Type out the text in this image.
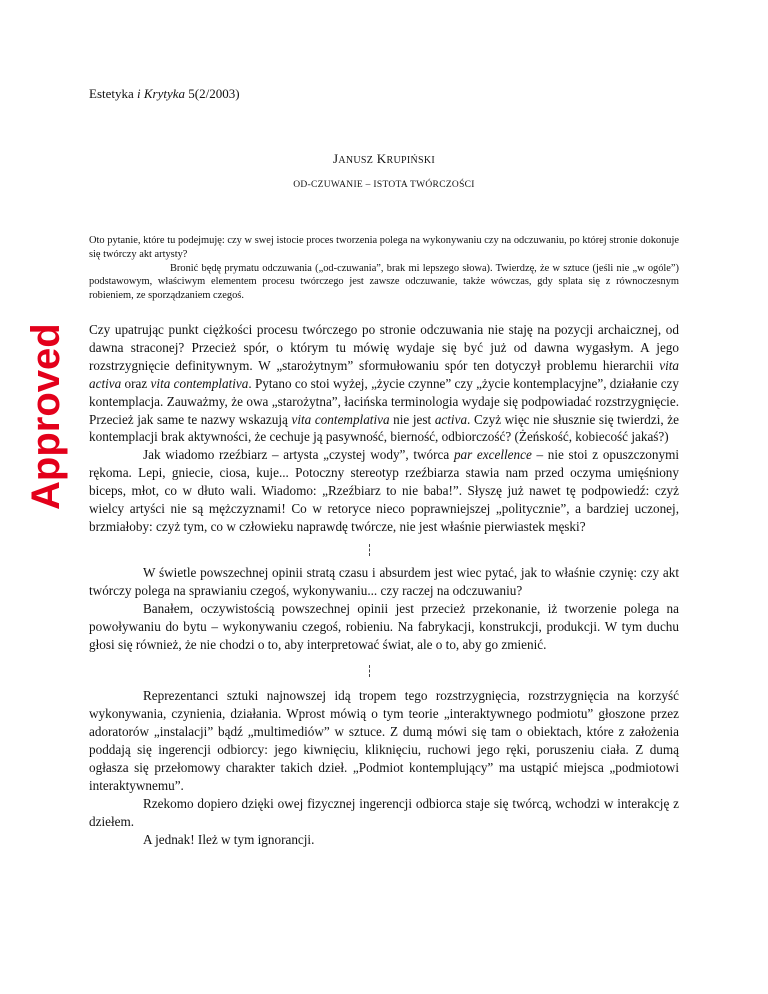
Approved
Estetyka i Krytyka 5(2/2003)
JANUSZ KRUPIŃSKI
OD-CZUWANIE – ISTOTA TWÓRCZOŚCI

Oto pytanie, które tu podejmuję: czy w swej istocie proces tworzenia polega na wykonywaniu czy na odczuwaniu, po której stronie dokonuje się twórczy akt artysty?

Bronić będę prymatu odczuwania („od-czuwania”, brak mi lepszego słowa). Twierdzę, że w sztuce (jeśli nie „w ogóle”) podstawowym, właściwym elementem procesu twórczego jest zawsze odczuwanie, także wówczas, gdy splata się z równoczesnym robieniem, ze sporządzaniem czegoś.

Czy upatrując punkt ciężkości procesu twórczego po stronie odczuwania nie staję na pozycji archaicznej, od dawna straconej? Przecież spór, o którym tu mówię wydaje się być już od dawna wygasłym. A jego rozstrzygnięcie definitywnym. W „starożytnym” sformułowaniu spór ten dotyczył problemu hierarchii vita activa oraz vita contemplativa. Pytano co stoi wyżej, „życie czynne” czy „życie kontemplacyjne”, działanie czy kontemplacja. Zauważmy, że owa „starożytna”, łacińska terminologia wydaje się podpowiadać rozstrzygnięcie. Przecież jak same te nazwy wskazują vita contemplativa nie jest activa. Czyż więc nie słusznie się twierdzi, że kontemplacji brak aktywności, że cechuje ją pasywność, bierność, odbiorczość? (Żeńskość, kobiecość jakaś?)

Jak wiadomo rzeźbiarz – artysta „czystej wody”, twórca par excellence – nie stoi z opuszczonymi rękoma. Lepi, gniecie, ciosa, kuje... Potoczny stereotyp rzeźbiarza stawia nam przed oczyma umięśniony biceps, młot, co w dłuto wali. Wiadomo: „Rzeźbiarz to nie baba!”. Słyszę już nawet tę podpowiedź: czyż wielcy artyści nie są mężczyznami! Co w retoryce nieco poprawniejszej „politycznie”, a bardziej uczonej, brzmiałoby: czyż tym, co w człowieku naprawdę twórcze, nie jest właśnie pierwiastek męski?

W świetle powszechnej opinii stratą czasu i absurdem jest wiec pytać, jak to właśnie czynię: czy akt twórczy polega na sprawianiu czegoś, wykonywaniu... czy raczej na odczuwaniu?

Banałem, oczywistością powszechnej opinii jest przecież przekonanie, iż tworzenie polega na powoływaniu do bytu – wykonywaniu czegoś, robieniu. Na fabrykacji, konstrukcji, produkcji. W tym duchu głosi się również, że nie chodzi o to, aby interpretować świat, ale o to, aby go zmienić.

Reprezentanci sztuki najnowszej idą tropem tego rozstrzygnięcia, rozstrzygnięcia na korzyść wykonywania, czynienia, działania. Wprost mówią o tym teorie „interaktywnego podmiotu” głoszone przez adoratorów „instalacji” bądź „multimediów” w sztuce. Z dumą mówi się tam o obiektach, które z założenia poddają się ingerencji odbiorcy: jego kiwnięciu, kliknięciu, ruchowi jego ręki, poruszeniu ciała. Z dumą ogłasza się przełomowy charakter takich dzieł. „Podmiot kontemplujący” ma ustąpić miejsca „podmiotowi interaktywnemu”.

Rzekomo dopiero dzięki owej fizycznej ingerencji odbiorca staje się twórcą, wchodzi w interakcję z dziełem.

A jednak! Ileż w tym ignorancji.
